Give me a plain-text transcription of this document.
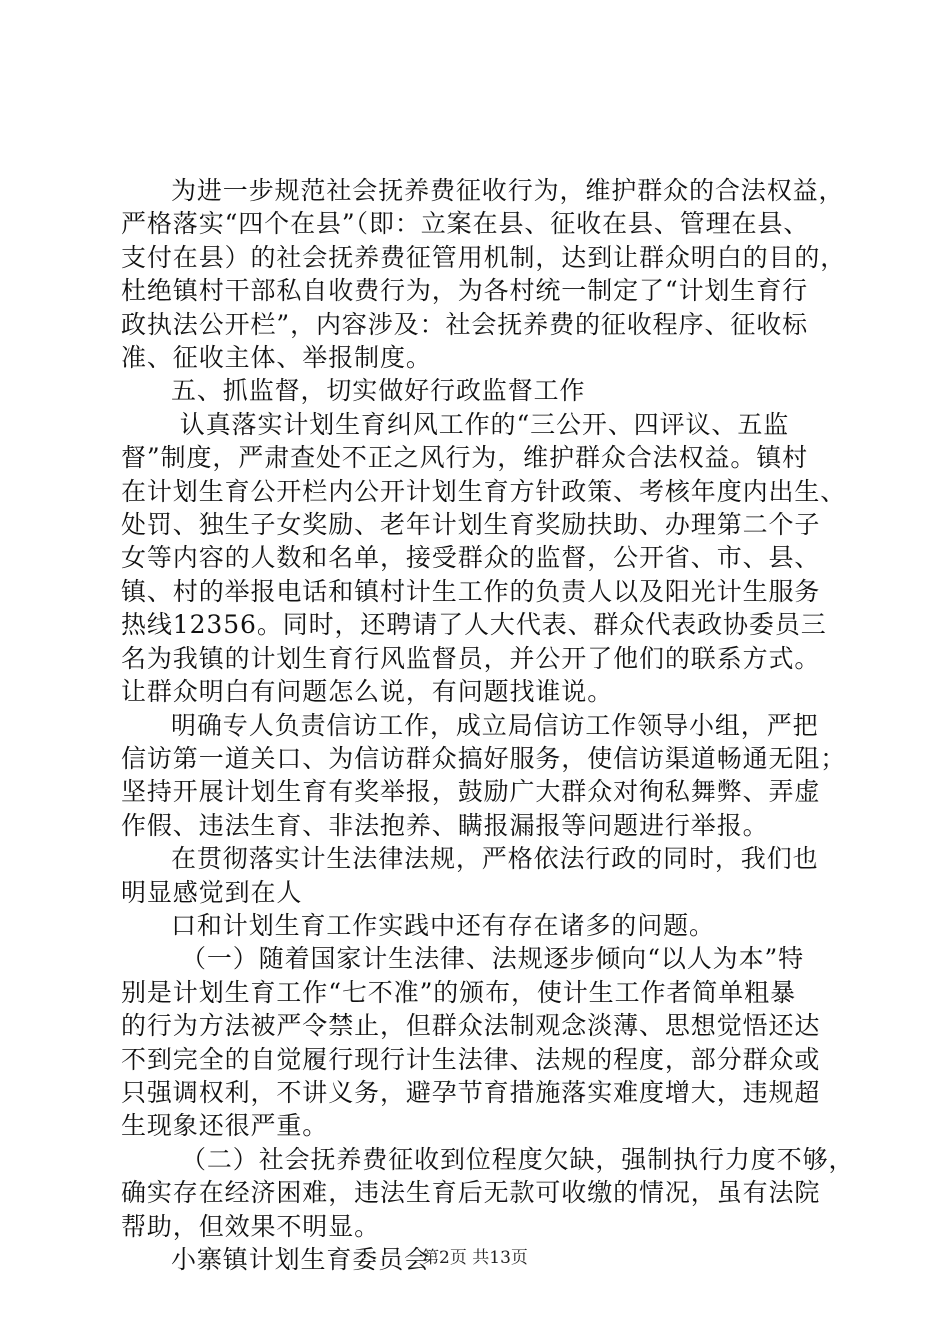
为进一步规范社会抚养费征收行为，维护群众的合法权益，
严格落实“四个在县”（即：立案在县、征收在县、管理在县、
支付在县）的社会抚养费征管用机制，达到让群众明白的目的，
杜绝镇村干部私自收费行为，为各村统一制定了“计划生育行
政执法公开栏”，内容涉及：社会抚养费的征收程序、征收标
准、征收主体、举报制度。

五、抓监督，切实做好行政监督工作

认真落实计划生育纠风工作的“三公开、四评议、五监
督”制度，严肃查处不正之风行为，维护群众合法权益。镇村
在计划生育公开栏内公开计划生育方针政策、考核年度内出生、
处罚、独生子女奖励、老年计划生育奖励扶助、办理第二个子
女等内容的人数和名单，接受群众的监督，公开省、市、县、
镇、村的举报电话和镇村计生工作的负责人以及阳光计生服务
热线12356。同时，还聘请了人大代表、群众代表政协委员三
名为我镇的计划生育行风监督员，并公开了他们的联系方式。
让群众明白有问题怎么说，有问题找谁说。

明确专人负责信访工作，成立局信访工作领导小组，严把
信访第一道关口、为信访群众搞好服务，使信访渠道畅通无阻；
坚持开展计划生育有奖举报，鼓励广大群众对徇私舞弊、弄虚
作假、违法生育、非法抱养、瞒报漏报等问题进行举报。

在贯彻落实计生法律法规，严格依法行政的同时，我们也
明显感觉到在人

口和计划生育工作实践中还有存在诸多的问题。

（一）随着国家计生法律、法规逐步倾向“以人为本”特
别是计划生育工作“七不准”的颁布，使计生工作者简单粗暴
的行为方法被严令禁止，但群众法制观念淡薄、思想觉悟还达
不到完全的自觉履行现行计生法律、法规的程度，部分群众或
只强调权利，不讲义务，避孕节育措施落实难度增大，违规超
生现象还很严重。

（二）社会抚养费征收到位程度欠缺，强制执行力度不够，
确实存在经济困难，违法生育后无款可收缴的情况，虽有法院
帮助，但效果不明显。

小寨镇计划生育委员会

第2页 共13页
